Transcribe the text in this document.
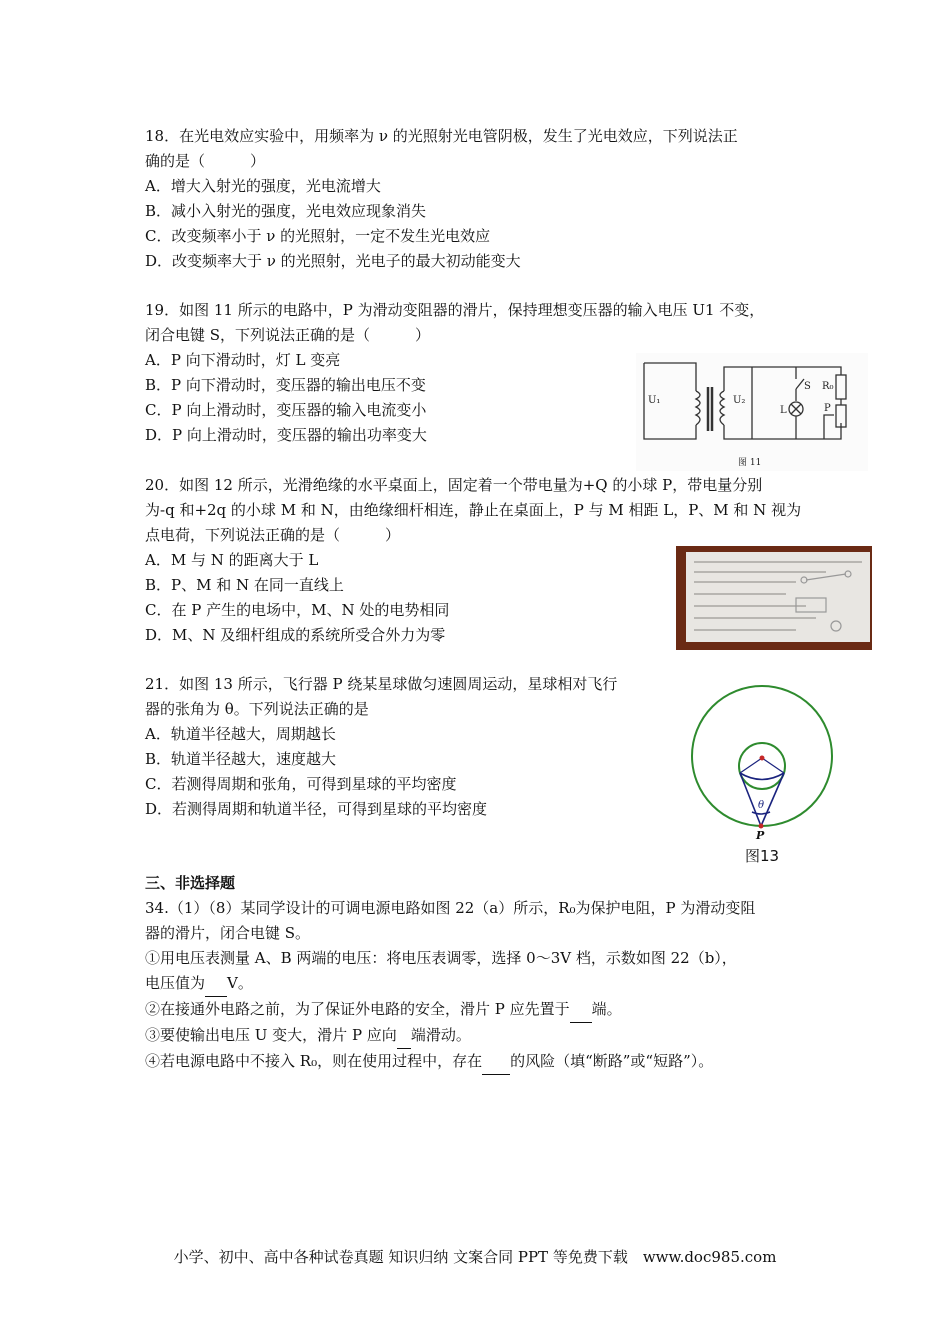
18．在光电效应实验中，用频率为 ν 的光照射光电管阴极，发生了光电效应，下列说法正
确的是（　　　）
A．增大入射光的强度，光电流增大
B．减小入射光的强度，光电效应现象消失
C．改变频率小于 ν 的光照射，一定不发生光电效应
D．改变频率大于 ν 的光照射，光电子的最大初动能变大
19．如图 11 所示的电路中，P 为滑动变阻器的滑片，保持理想变压器的输入电压 U1 不变，
闭合电键 S，下列说法正确的是（　　　）
A．P 向下滑动时，灯 L 变亮
B．P 向下滑动时，变压器的输出电压不变
C．P 向上滑动时，变压器的输入电流变小
D．P 向上滑动时，变压器的输出功率变大
U₁	U₂
S
L
R₀
P
图 11
20．如图 12 所示，光滑绝缘的水平桌面上，固定着一个带电量为+Q 的小球 P，带电量分别
为-q 和+2q 的小球 M 和 N，由绝缘细杆相连，静止在桌面上，P 与 M 相距 L，P、M 和 N 视为
点电荷，下列说法正确的是（　　　）
A．M 与 N 的距离大于 L
B．P、M 和 N 在同一直线上
C．在 P 产生的电场中，M、N 处的电势相同
D．M、N 及细杆组成的系统所受合外力为零
21．如图 13 所示，飞行器 P 绕某星球做匀速圆周运动，星球相对飞行
器的张角为 θ。下列说法正确的是
A．轨道半径越大，周期越长
B．轨道半径越大，速度越大
C．若测得周期和张角，可得到星球的平均密度
D．若测得周期和轨道半径，可得到星球的平均密度	θ
P
图13
三、非选择题
34.（1）（8）某同学设计的可调电源电路如图 22（a）所示，R₀为保护电阻，P 为滑动变阻
器的滑片，闭合电键 S。
①用电压表测量 A、B 两端的电压：将电压表调零，选择 0～3V 档，示数如图 22（b），
电压值为 V。
②在接通外电路之前，为了保证外电路的安全，滑片 P 应先置于 端。
③要使输出电压 U 变大，滑片 P 应向 端滑动。
④若电源电路中不接入 R₀，则在使用过程中，存在 的风险（填“断路”或“短路”）。
小学、初中、高中各种试卷真题 知识归纳 文案合同 PPT 等免费下载　www.doc985.com
